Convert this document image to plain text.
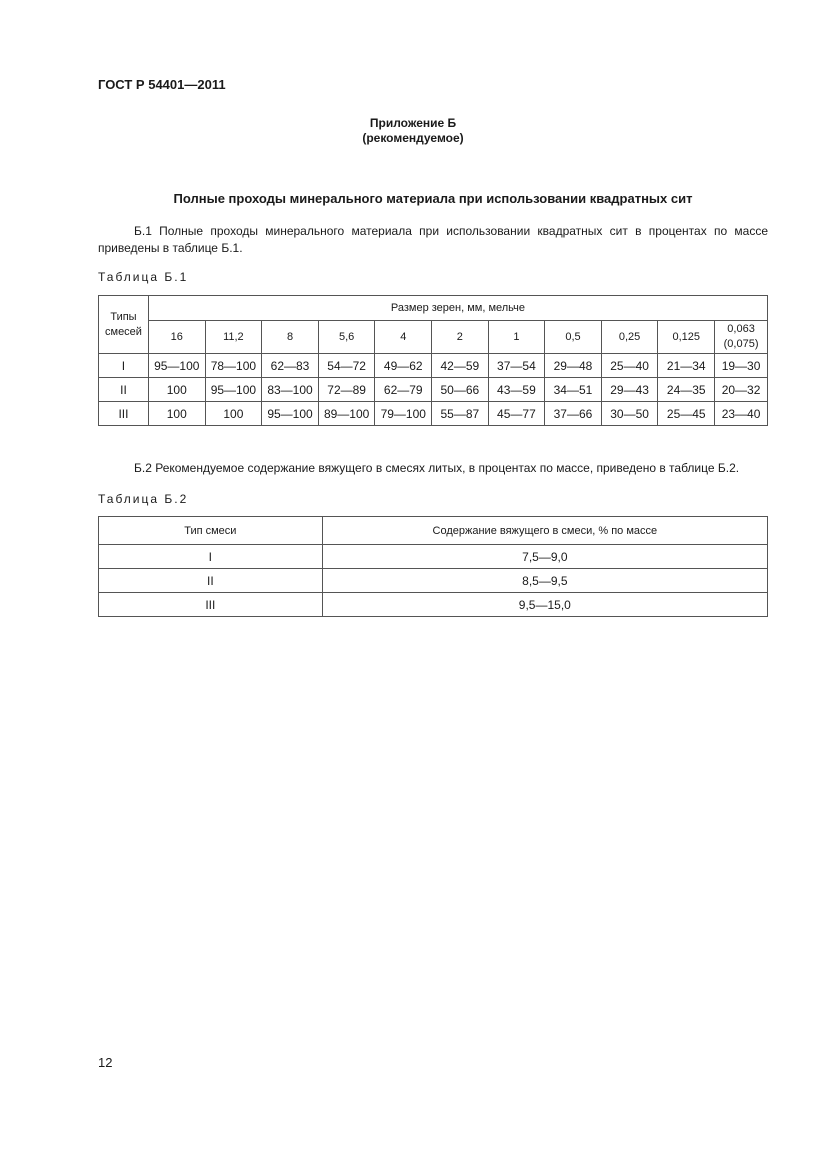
ГОСТ Р 54401—2011
Приложение Б
(рекомендуемое)
Полные проходы минерального материала при использовании квадратных сит
Б.1 Полные проходы минерального материала при использовании квадратных сит в процентах по массе приведены в таблице Б.1.
Таблица Б.1
Типы смесей	Размер зерен, мм, мельче										
	16	11,2	8	5,6	4	2	1	0,5	0,25	0,125	0,063 (0,075)
I	95—100	78—100	62—83	54—72	49—62	42—59	37—54	29—48	25—40	21—34	19—30
II	100	95—100	83—100	72—89	62—79	50—66	43—59	34—51	29—43	24—35	20—32
III	100	100	95—100	89—100	79—100	55—87	45—77	37—66	30—50	25—45	23—40
Б.2 Рекомендуемое содержание вяжущего в смесях литых, в процентах по массе, приведено в таблице Б.2.
Таблица Б.2
Тип смеси	Содержание вяжущего в смеси, % по массе
I	7,5—9,0
II	8,5—9,5
III	9,5—15,0
12
